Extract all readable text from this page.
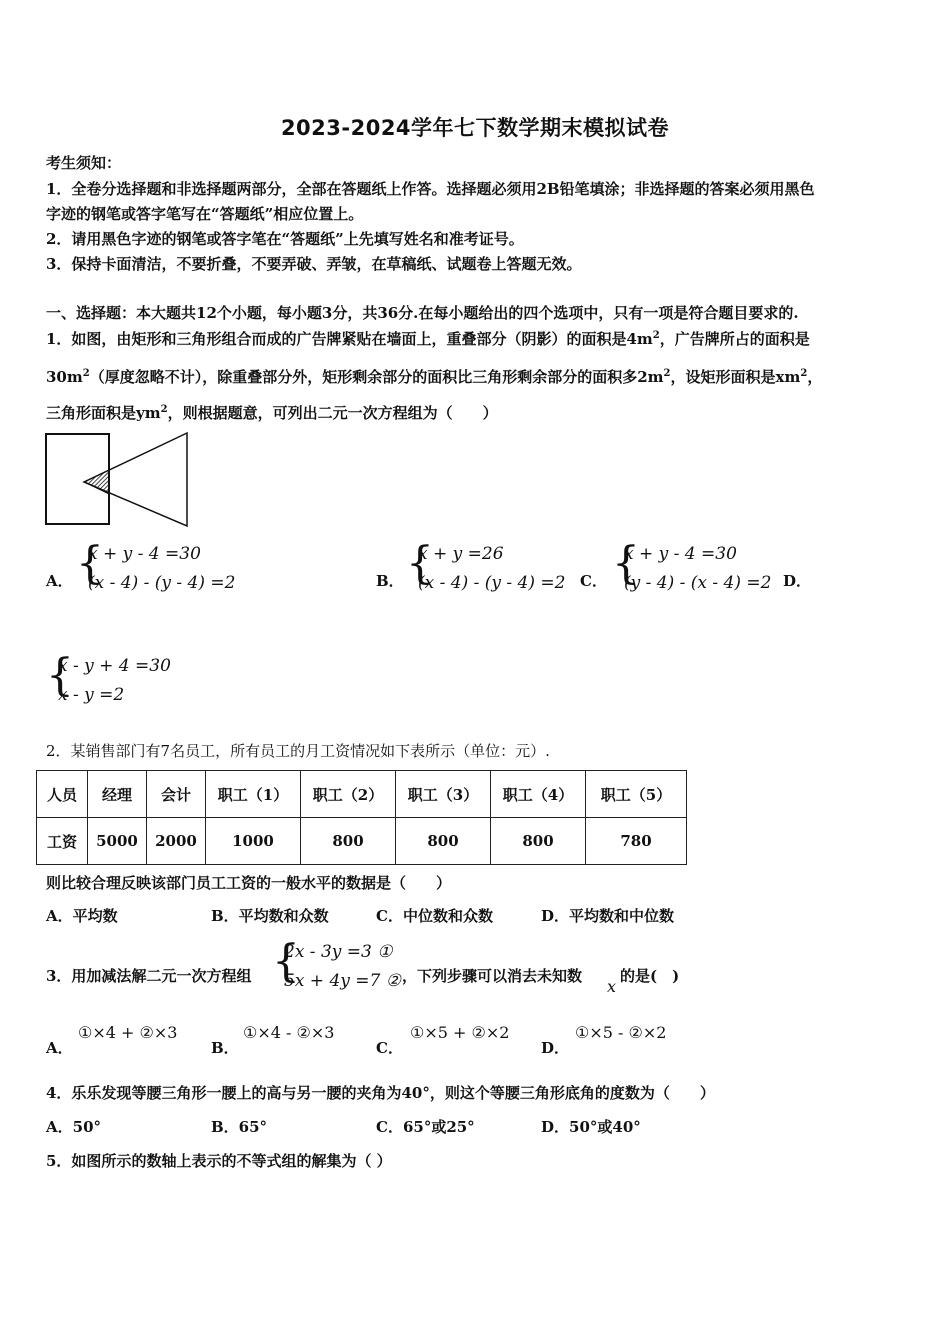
2023-2024学年七下数学期末模拟试卷
考生须知：
1．全卷分选择题和非选择题两部分，全部在答题纸上作答。选择题必须用2B铅笔填涂；非选择题的答案必须用黑色
字迹的钢笔或答字笔写在“答题纸”相应位置上。
2．请用黑色字迹的钢笔或答字笔在“答题纸”上先填写姓名和准考证号。
3．保持卡面清洁，不要折叠，不要弄破、弄皱，在草稿纸、试题卷上答题无效。
一、选择题：本大题共12个小题，每小题3分，共36分.在每小题给出的四个选项中，只有一项是符合题目要求的.
1．如图，由矩形和三角形组合而成的广告牌紧贴在墙面上，重叠部分（阴影）的面积是$4m^2$，广告牌所占的面积是
$30m^2$（厚度忽略不计），除重叠部分外，矩形剩余部分的面积比三角形剩余部分的面积多$2m^2$，设矩形面积是$xm^2$，
三角形面积是$ym^2$，则根据题意，可列出二元一次方程组为（　　）
A． {
x + y - 4 =30
(x - 4) - (y - 4) =2	B． {
x + y =26
(x - 4) - (y - 4) =2 C． {
x + y - 4 =30
(y - 4) - (x - 4) =2 D．
{
x - y + 4 =30
x - y =2
2．某销售部门有7名员工，所有员工的月工资情况如下表所示（单位：元）.
人员	经理	会计	职工（1）	职工（2）	职工（3）	职工（4）	职工（5）
工资	5000	2000	1000	800	800	800	780
则比较合理反映该部门员工工资的一般水平的数据是（　　）
A．平均数	B．平均数和众数	C．中位数和众数	D．平均数和中位数
3．用加减法解二元一次方程组 {
2x - 3y =3 ①
5x + 4y =7 ② ，下列步骤可以消去未知数
x
的是(　)
A．
①×4 + ②×3
B．
①×4 - ②×3
C．
①×5 + ②×2
D．
①×5 - ②×2
4．乐乐发现等腰三角形一腰上的高与另一腰的夹角为40°，则这个等腰三角形底角的度数为（　　）
A．50°	B．65°	C．65°或25°	D．50°或40°
5．如图所示的数轴上表示的不等式组的解集为（ ）
